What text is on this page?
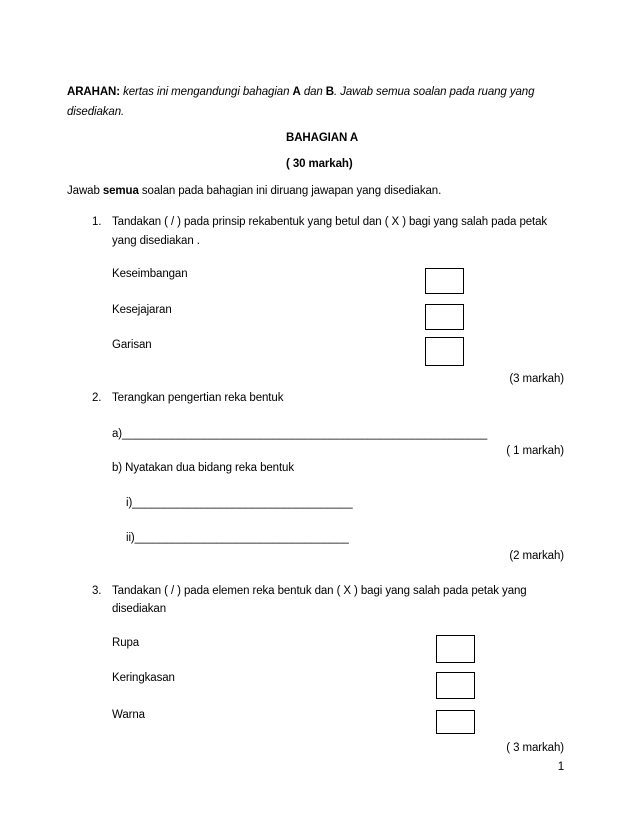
ARAHAN: kertas ini mengandungi bahagian A dan B. Jawab semua soalan pada ruang yang
disediakan.
BAHAGIAN A
( 30 markah)
Jawab semua soalan pada bahagian ini diruang jawapan yang disediakan.
1. Tandakan ( / ) pada prinsip rekabentuk yang betul dan ( X ) bagi yang salah pada petak
yang disediakan .
Keseimbangan
Kesejajaran
Garisan
(3 markah)
2. Terangkan pengertian reka bentuk
a)__________________________________________________________
( 1 markah)
b) Nyatakan dua bidang reka bentuk
i)___________________________________
ii)__________________________________
(2 markah)
3. Tandakan ( / ) pada elemen reka bentuk dan ( X ) bagi yang salah pada petak yang
disediakan
Rupa
Keringkasan
Warna
( 3 markah)
1
